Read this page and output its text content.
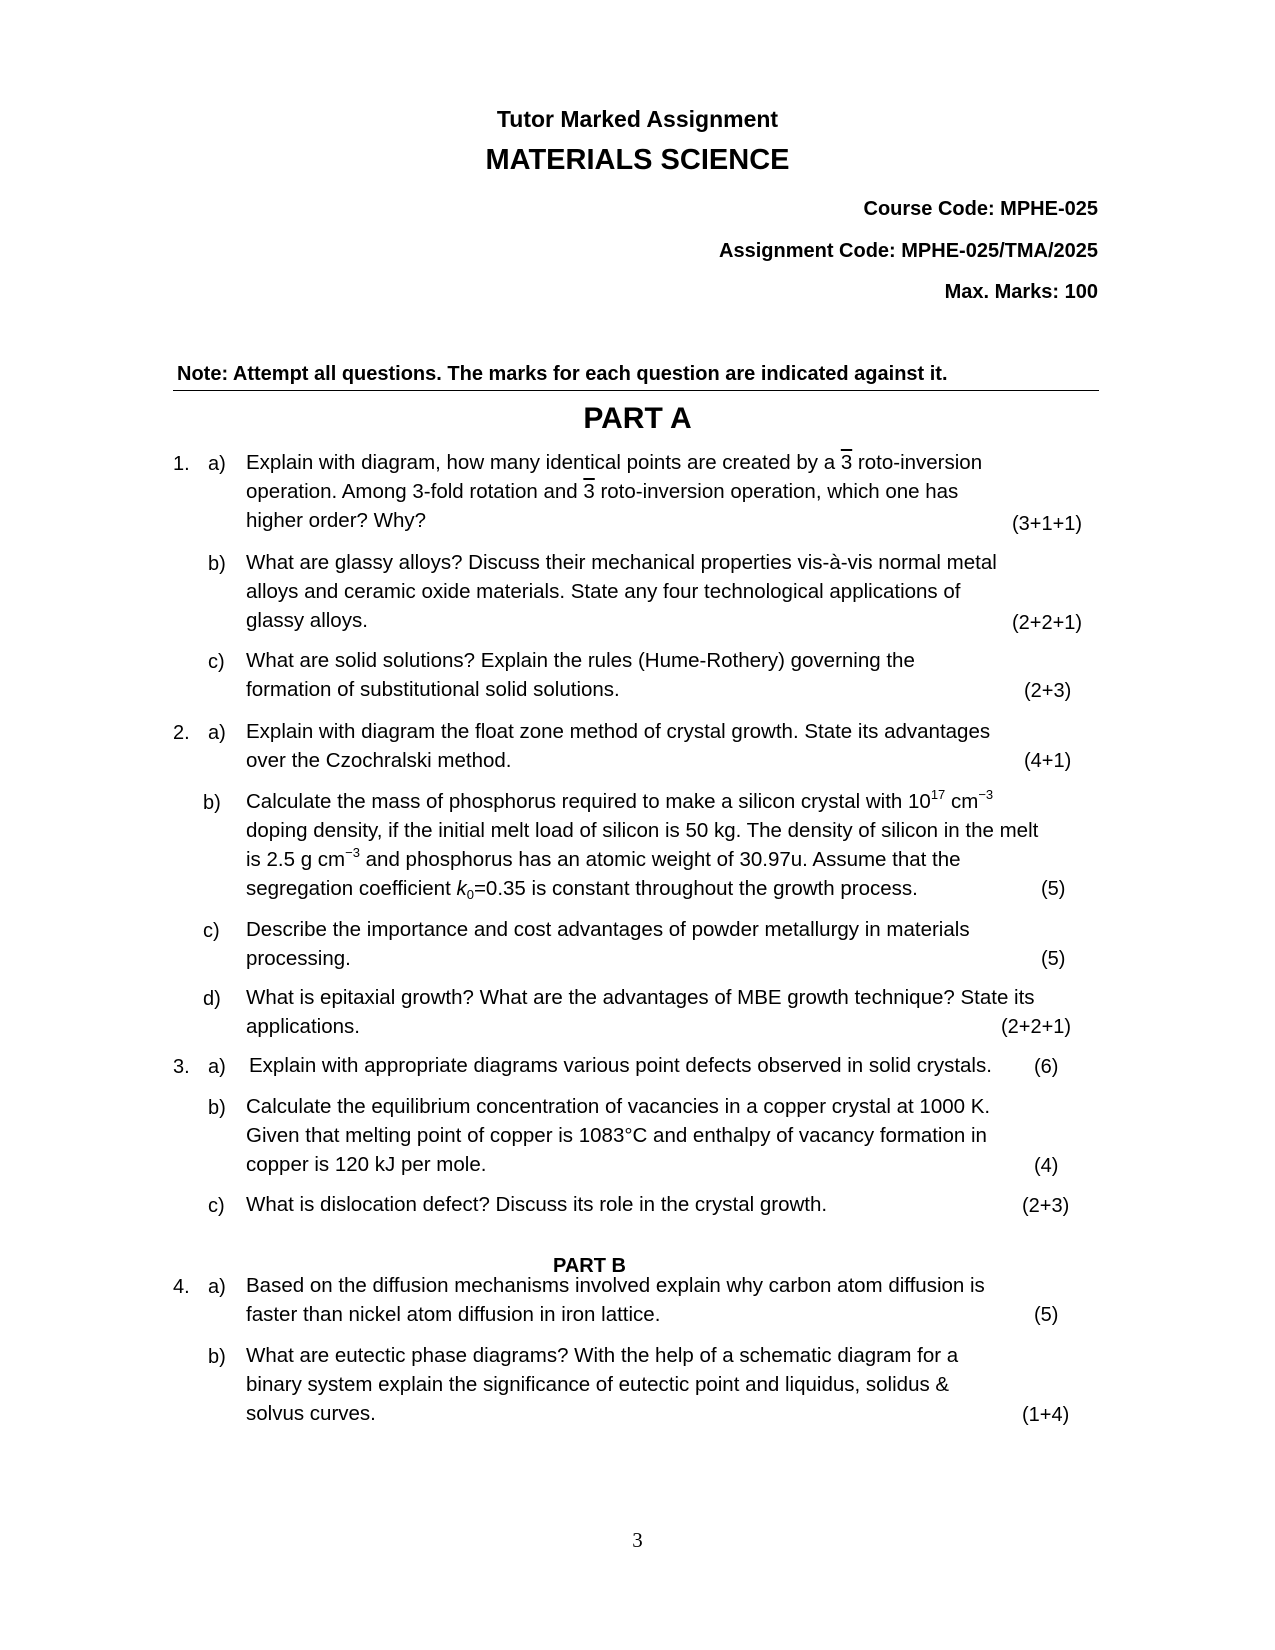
Tutor Marked Assignment
MATERIALS SCIENCE
Course Code: MPHE-025
Assignment Code: MPHE-025/TMA/2025
Max. Marks: 100
Note: Attempt all questions. The marks for each question are indicated against it.
PART A
1. a) Explain with diagram, how many identical points are created by a 3 roto-inversion
operation. Among 3-fold rotation and 3 roto-inversion operation, which one has
higher order? Why?	(3+1+1)
b) What are glassy alloys? Discuss their mechanical properties vis-à-vis normal metal
alloys and ceramic oxide materials. State any four technological applications of
glassy alloys.	(2+2+1)
c) What are solid solutions? Explain the rules (Hume-Rothery) governing the
formation of substitutional solid solutions.	(2+3)
2. a) Explain with diagram the float zone method of crystal growth. State its advantages
over the Czochralski method.	(4+1)
b) Calculate the mass of phosphorus required to make a silicon crystal with $10^{17}$ $cm^{-3}$
doping density, if the initial melt load of silicon is 50 kg. The density of silicon in the melt
is 2.5 g $cm^{-3}$ and phosphorus has an atomic weight of 30.97u. Assume that the
segregation coefficient $k_0=0.35$ is constant throughout the growth process.	(5)
c) Describe the importance and cost advantages of powder metallurgy in materials
processing.	(5)
d) What is epitaxial growth? What are the advantages of MBE growth technique? State its
applications.	(2+2+1)
3. a) Explain with appropriate diagrams various point defects observed in solid crystals.	(6)
b) Calculate the equilibrium concentration of vacancies in a copper crystal at 1000 K.
Given that melting point of copper is 1083°C and enthalpy of vacancy formation in
copper is 120 kJ per mole.	(4)
c) What is dislocation defect? Discuss its role in the crystal growth.	(2+3)
PART B
4. a) Based on the diffusion mechanisms involved explain why carbon atom diffusion is
faster than nickel atom diffusion in iron lattice.	(5)
b) What are eutectic phase diagrams? With the help of a schematic diagram for a
binary system explain the significance of eutectic point and liquidus, solidus &
solvus curves.	(1+4)
3
